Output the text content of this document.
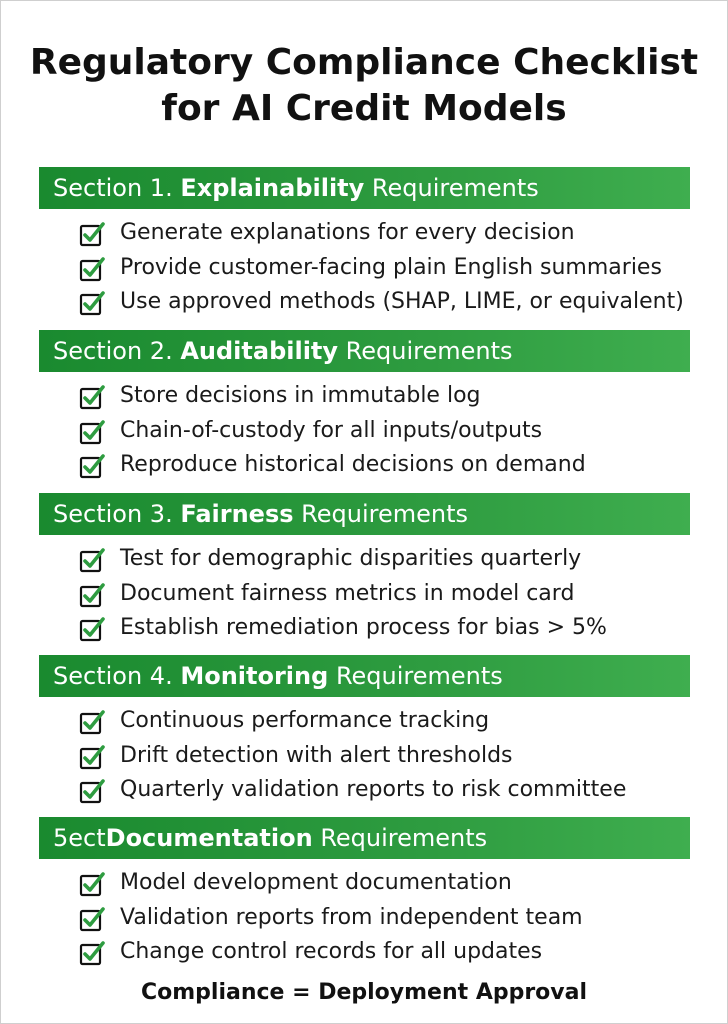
Regulatory Compliance Checklist
for AI Credit Models
Section 1. Explainability Requirements
Generate explanations for every decision
Provide customer-facing plain English summaries
Use approved methods (SHAP, LIME, or equivalent)
Section 2. Auditability Requirements
Store decisions in immutable log
Chain-of-custody for all inputs/outputs
Reproduce historical decisions on demand
Section 3. Fairness Requirements
Test for demographic disparities quarterly
Document fairness metrics in model card
Establish remediation process for bias > 5%
Section 4. Monitoring Requirements
Continuous performance tracking
Drift detection with alert thresholds
Quarterly validation reports to risk committee
5ectDocumentation Requirements
Model development documentation
Validation reports from independent team
Change control records for all updates
Compliance = Deployment Approval
